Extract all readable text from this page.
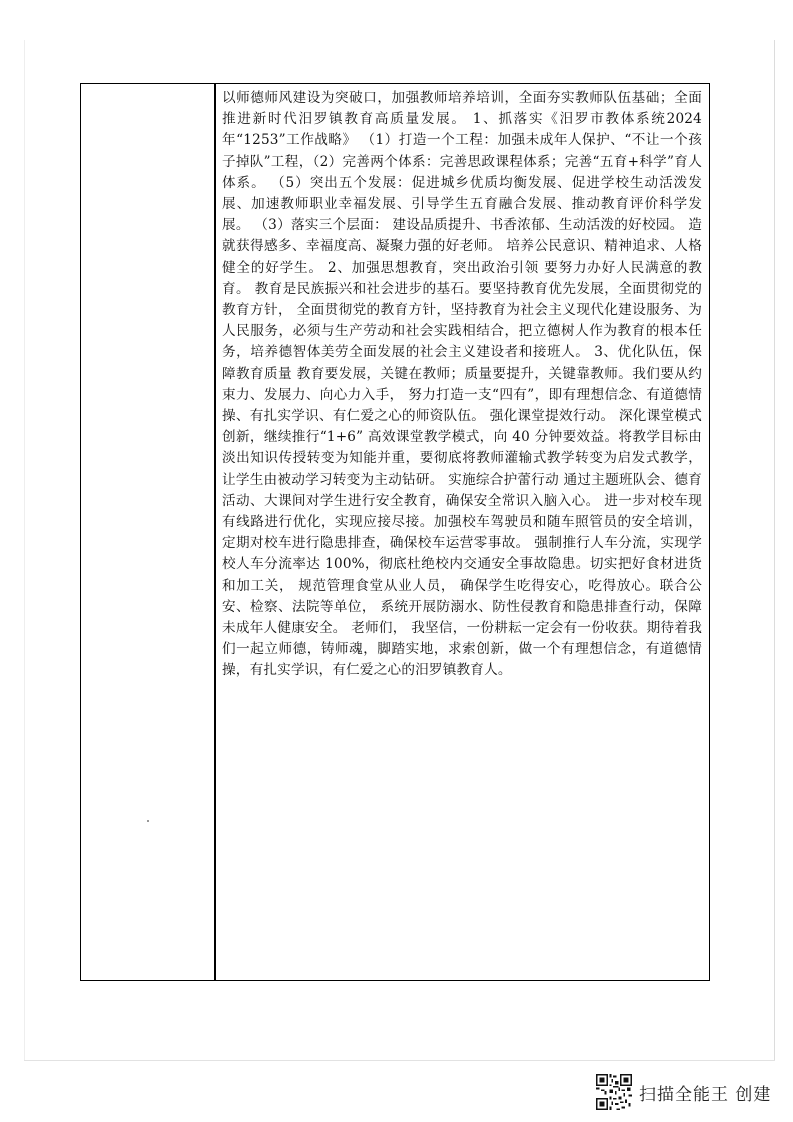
以师德师风建设为突破口，加强教师培养培训，全面夯实教师队伍基础；全面推进新时代汨罗镇教育高质量发展。 1、抓落实《汨罗市教体系统2024年“1253”工作战略》 （1）打造一个工程：加强未成年人保护、“不让一个孩子掉队”工程，（2）完善两个体系：完善思政课程体系；完善“五育+科学”育人体系。 （5）突出五个发展：促进城乡优质均衡发展、促进学校生动活泼发展、加速教师职业幸福发展、引导学生五育融合发展、推动教育评价科学发展。 （3）落实三个层面： 建设品质提升、书香浓郁、生动活泼的好校园。 造就获得感多、幸福度高、凝聚力强的好老师。 培养公民意识、精神追求、人格健全的好学生。 2、加强思想教育，突出政治引领 要努力办好人民满意的教育。 教育是民族振兴和社会进步的基石。要坚持教育优先发展，全面贯彻党的教育方针， 全面贯彻党的教育方针，坚持教育为社会主义现代化建设服务、为人民服务，必须与生产劳动和社会实践相结合，把立德树人作为教育的根本任务，培养德智体美劳全面发展的社会主义建设者和接班人。 3、优化队伍，保障教育质量 教育要发展，关键在教师；质量要提升，关键靠教师。我们要从约束力、发展力、向心力入手， 努力打造一支“四有”，即有理想信念、有道德情操、有扎实学识、有仁爱之心的师资队伍。 强化课堂提效行动。 深化课堂模式创新，继续推行“1+6” 高效课堂教学模式，向 40 分钟要效益。将教学目标由淡出知识传授转变为知能并重，要彻底将教师灌输式教学转变为启发式教学，让学生由被动学习转变为主动钻研。 实施综合护蕾行动 通过主题班队会、德育活动、大课间对学生进行安全教育，确保安全常识入脑入心。 进一步对校车现有线路进行优化，实现应接尽接。加强校车驾驶员和随车照管员的安全培训，定期对校车进行隐患排查，确保校车运营零事故。 强制推行人车分流，实现学校人车分流率达 100%，彻底杜绝校内交通安全事故隐患。切实把好食材进货和加工关， 规范管理食堂从业人员， 确保学生吃得安心，吃得放心。联合公安、检察、法院等单位， 系统开展防溺水、防性侵教育和隐患排查行动，保障未成年人健康安全。 老师们， 我坚信，一份耕耘一定会有一份收获。期待着我们一起立师德，铸师魂，脚踏实地，求索创新，做一个有理想信念，有道德情操，有扎实学识，有仁爱之心的汨罗镇教育人。

扫描全能王 创建
